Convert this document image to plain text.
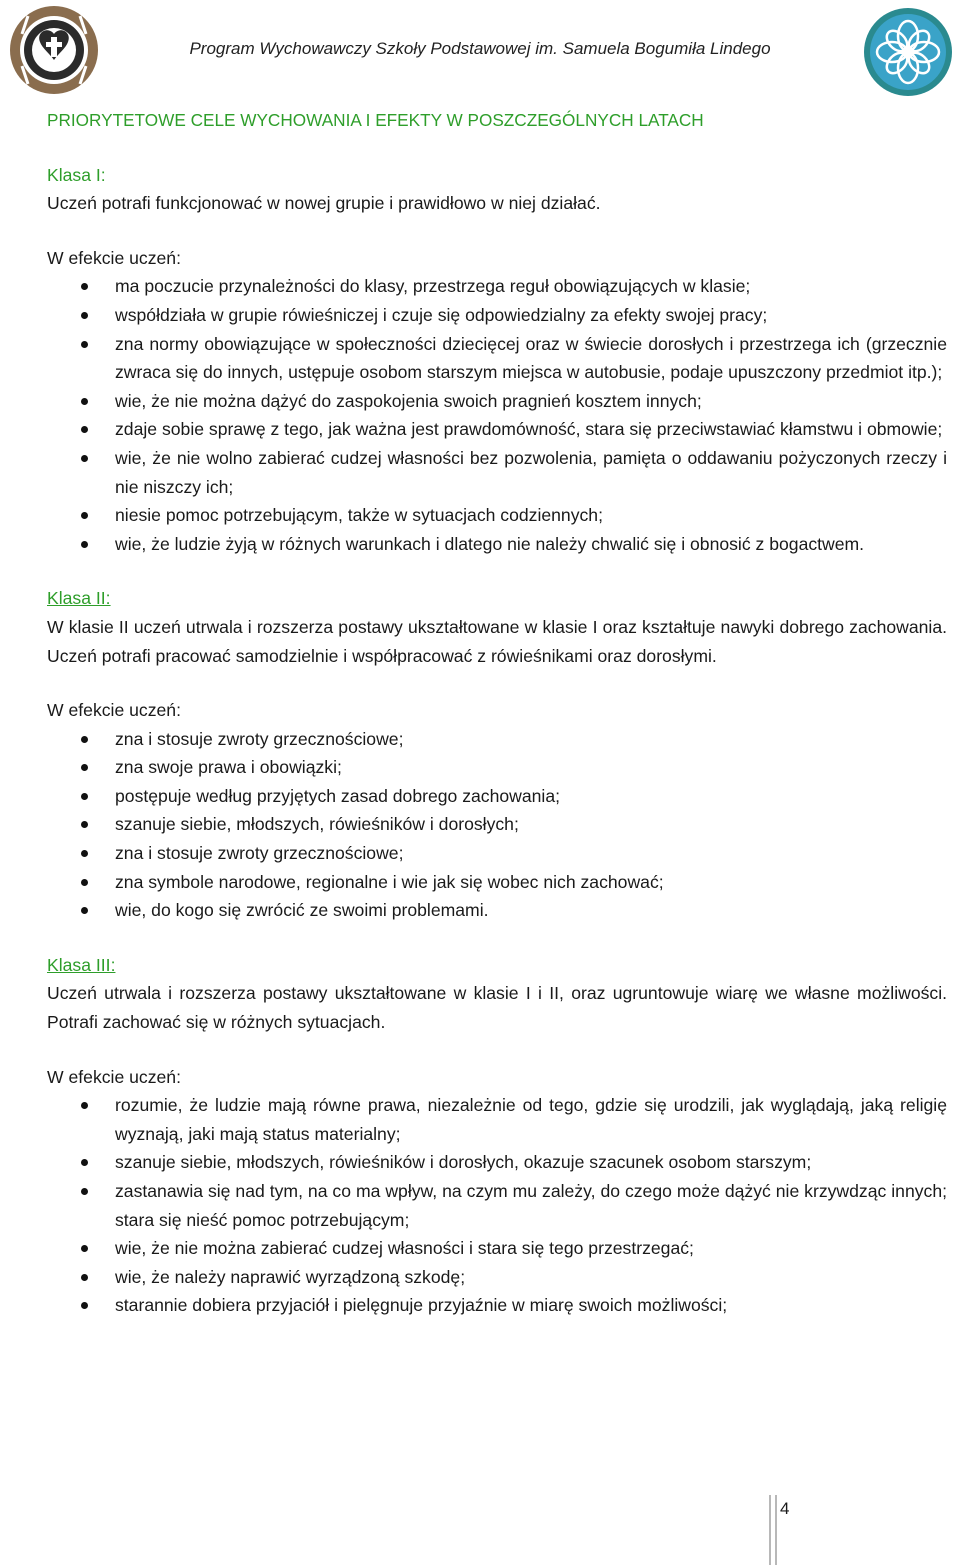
Program Wychowawczy Szkoły Podstawowej im. Samuela Bogumiła Lindego
PRIORYTETOWE CELE WYCHOWANIA I EFEKTY W POSZCZEGÓLNYCH LATACH

Klasa I:

Uczeń potrafi funkcjonować w nowej grupie i prawidłowo w niej działać.

W efekcie uczeń:

ma poczucie przynależności do klasy, przestrzega reguł obowiązujących w klasie;
współdziała w grupie rówieśniczej i czuje się odpowiedzialny za efekty swojej pracy;
zna normy obowiązujące w społeczności dziecięcej oraz w świecie dorosłych i przestrzega ich (grzecznie zwraca się do innych, ustępuje osobom starszym miejsca w autobusie, podaje upuszczony przedmiot itp.);
wie, że nie można dążyć do zaspokojenia swoich pragnień kosztem innych;
zdaje sobie sprawę z tego, jak ważna jest prawdomówność, stara się przeciwstawiać kłamstwu i obmowie;
wie, że nie wolno zabierać cudzej własności bez pozwolenia, pamięta o oddawaniu pożyczonych rzeczy i nie niszczy ich;
niesie pomoc potrzebującym, także w sytuacjach codziennych;
wie, że ludzie żyją w różnych warunkach i dlatego nie należy chwalić się i obnosić z bogactwem.

Klasa II:

W klasie II uczeń utrwala i rozszerza postawy ukształtowane w klasie I oraz kształtuje nawyki dobrego zachowania. Uczeń potrafi pracować samodzielnie i współpracować z rówieśnikami oraz dorosłymi.

W efekcie uczeń:

zna i stosuje zwroty grzecznościowe;
zna swoje prawa i obowiązki;
postępuje według przyjętych zasad dobrego zachowania;
szanuje siebie, młodszych, rówieśników i dorosłych;
zna i stosuje zwroty grzecznościowe;
zna symbole narodowe, regionalne i wie jak się wobec nich zachować;
wie, do kogo się zwrócić ze swoimi problemami.

Klasa III:

Uczeń utrwala i rozszerza postawy ukształtowane w klasie I i II, oraz ugruntowuje wiarę we własne możliwości. Potrafi zachować się w różnych sytuacjach.

W efekcie uczeń:

rozumie, że ludzie mają równe prawa, niezależnie od tego, gdzie się urodzili, jak wyglądają, jaką religię wyznają, jaki mają status materialny;
szanuje siebie, młodszych, rówieśników i dorosłych, okazuje szacunek osobom starszym;
zastanawia się nad tym, na co ma wpływ, na czym mu zależy, do czego może dążyć nie krzywdząc innych; stara się nieść pomoc potrzebującym;
wie, że nie można zabierać cudzej własności i stara się tego przestrzegać;
wie, że należy naprawić wyrządzoną szkodę;
starannie dobiera przyjaciół i pielęgnuje przyjaźnie w miarę swoich możliwości;
4
